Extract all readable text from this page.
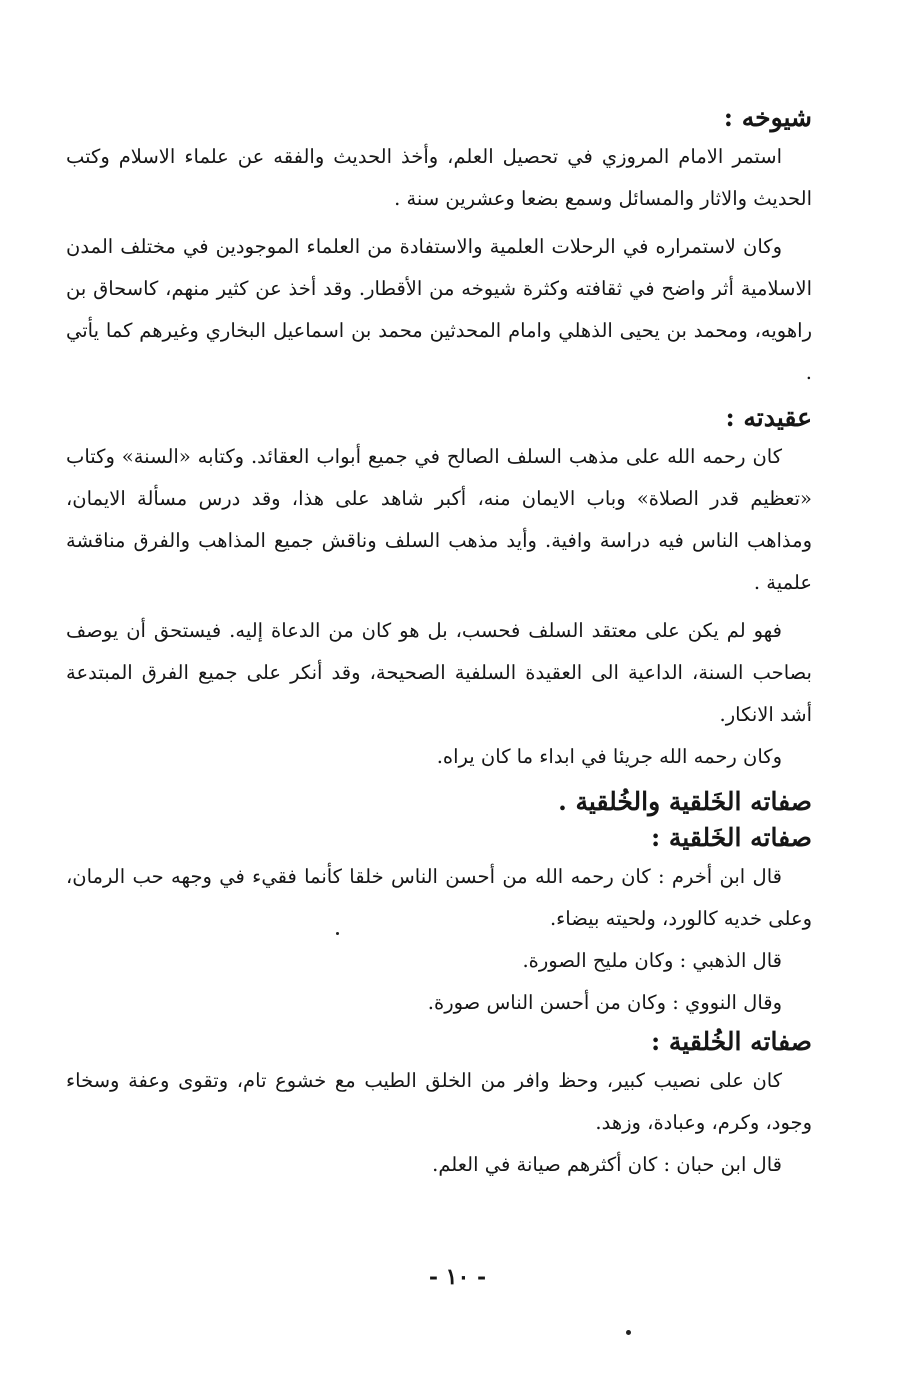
شيوخه :

استمر الامام المروزي في تحصيل العلم، وأخذ الحديث والفقه عن علماء الاسلام وكتب الحديث والاثار والمسائل وسمع بضعا وعشرين سنة .

وكان لاستمراره في الرحلات العلمية والاستفادة من العلماء الموجودين في مختلف المدن الاسلامية أثر واضح في ثقافته وكثرة شيوخه من الأقطار. وقد أخذ عن كثير منهم، كاسحاق بن راهويه، ومحمد بن يحيى الذهلي وامام المحدثين محمد بن اسماعيل البخاري وغيرهم كما يأتي .

عقيدته :

كان رحمه الله على مذهب السلف الصالح في جميع أبواب العقائد. وكتابه «السنة» وكتاب «تعظيم قدر الصلاة» وباب الايمان منه، أكبر شاهد على هذا، وقد درس مسألة الايمان، ومذاهب الناس فيه دراسة وافية. وأيد مذهب السلف وناقش جميع المذاهب والفرق مناقشة علمية .

فهو لم يكن على معتقد السلف فحسب، بل هو كان من الدعاة إليه. فيستحق أن يوصف بصاحب السنة، الداعية الى العقيدة السلفية الصحيحة، وقد أنكر على جميع الفرق المبتدعة أشد الانكار.

وكان رحمه الله جريئا في ابداء ما كان يراه.

صفاته الخَلقية والخُلقية .
صفاته الخَلقية :

قال ابن أخرم : كان رحمه الله من أحسن الناس خلقا كأنما فقيء في وجهه حب الرمان، وعلى خديه كالورد، ولحيته بيضاء.

قال الذهبي : وكان مليح الصورة.

وقال النووي : وكان من أحسن الناس صورة.

صفاته الخُلقية :

كان على نصيب كبير، وحظ وافر من الخلق الطيب مع خشوع تام، وتقوى وعفة وسخاء وجود، وكرم، وعبادة، وزهد.

قال ابن حبان : كان أكثرهم صيانة في العلم.

- ١٠ -
